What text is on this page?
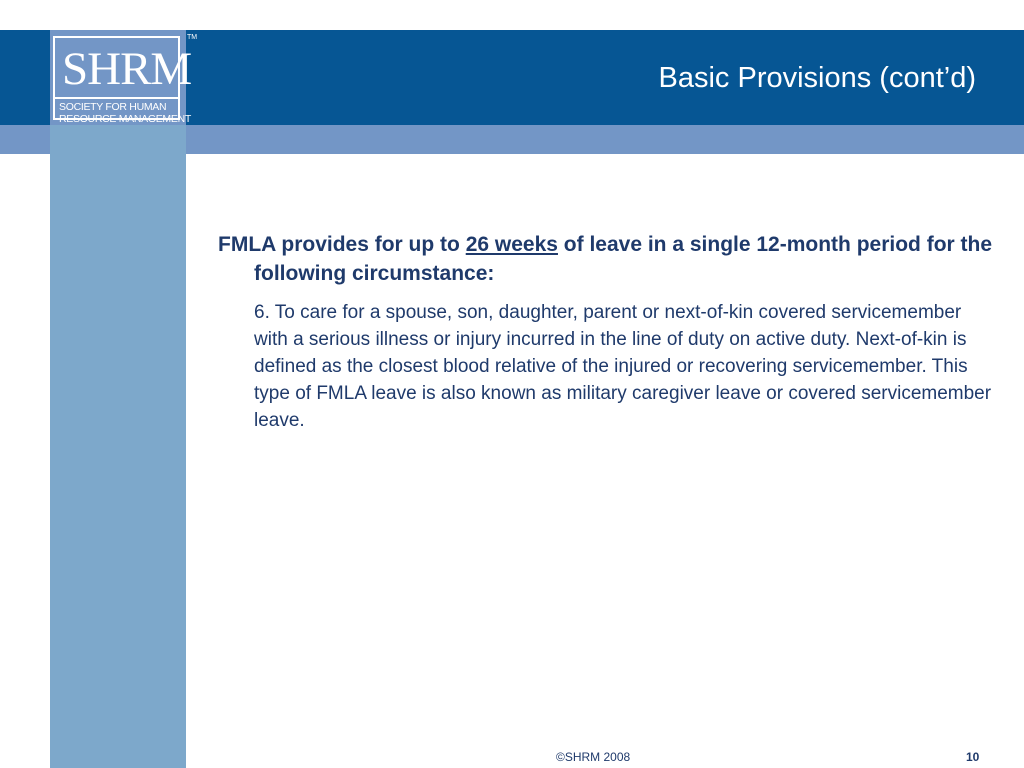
SHRM
SOCIETY FOR HUMAN
RESOURCE MANAGEMENT
TM
Basic Provisions (cont’d)

FMLA provides for up to 26 weeks of leave in a single 12-month period for the following circumstance:

6. To care for a spouse, son, daughter, parent or next-of-kin covered servicemember with a serious illness or injury incurred in the line of duty on active duty. Next-of-kin is defined as the closest blood relative of the injured or recovering servicemember. This type of FMLA leave is also known as military caregiver leave or covered servicemember leave.

©SHRM 2008	10
